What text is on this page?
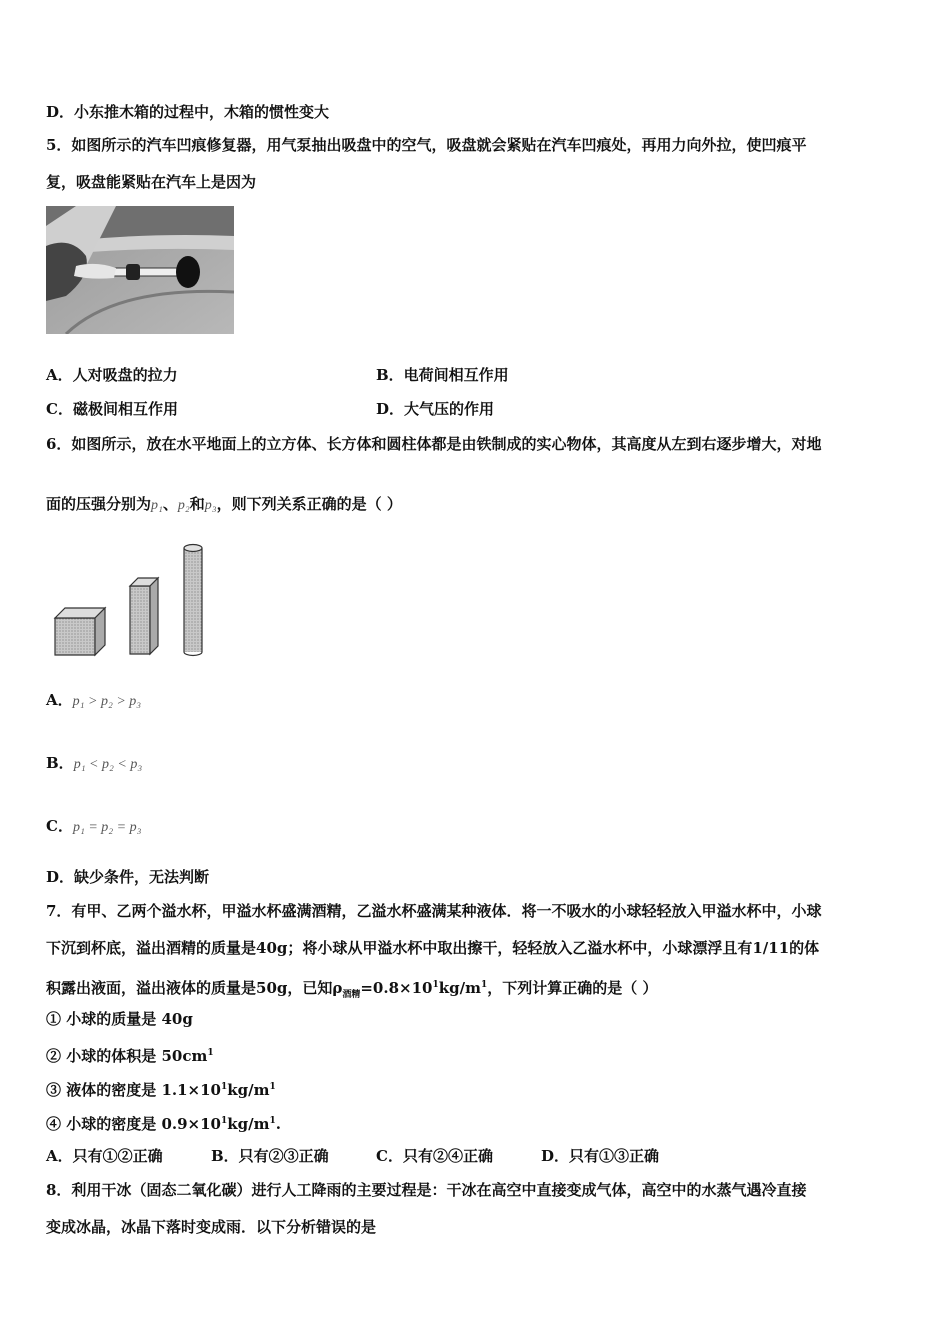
D．小东推木箱的过程中，木箱的惯性变大
5．如图所示的汽车凹痕修复器，用气泵抽出吸盘中的空气，吸盘就会紧贴在汽车凹痕处，再用力向外拉，使凹痕平
复，吸盘能紧贴在汽车上是因为
A．人对吸盘的拉力	B．电荷间相互作用
C．磁极间相互作用	D．大气压的作用
6．如图所示，放在水平地面上的立方体、长方体和圆柱体都是由铁制成的实心物体，其高度从左到右逐步增大，对地
面的压强分别为p₁、p₂和p₃，则下列关系正确的是（ ）
A．p₁ > p₂ > p₃
B．p₁ < p₂ < p₃
C．p₁ = p₂ = p₃
D．缺少条件，无法判断
7．有甲、乙两个溢水杯，甲溢水杯盛满酒精，乙溢水杯盛满某种液体．将一不吸水的小球轻轻放入甲溢水杯中，小球
下沉到杯底，溢出酒精的质量是40g；将小球从甲溢水杯中取出擦干，轻轻放入乙溢水杯中，小球漂浮且有1/11的体
积露出液面，溢出液体的质量是50g，已知$\rho_{酒精}=0.8\times 10^1kg/m^1$，下列计算正确的是（ ）
① 小球的质量是 40g
② 小球的体积是 $50cm^1$
③ 液体的密度是 $1.1\times 10^1kg/m^1$
④ 小球的密度是 $0.9\times 10^1kg/m^1$.
A．只有①②正确	B．只有②③正确	C．只有②④正确	D．只有①③正确
8．利用干冰（固态二氧化碳）进行人工降雨的主要过程是：干冰在高空中直接变成气体，高空中的水蒸气遇冷直接
变成冰晶，冰晶下落时变成雨．以下分析错误的是
